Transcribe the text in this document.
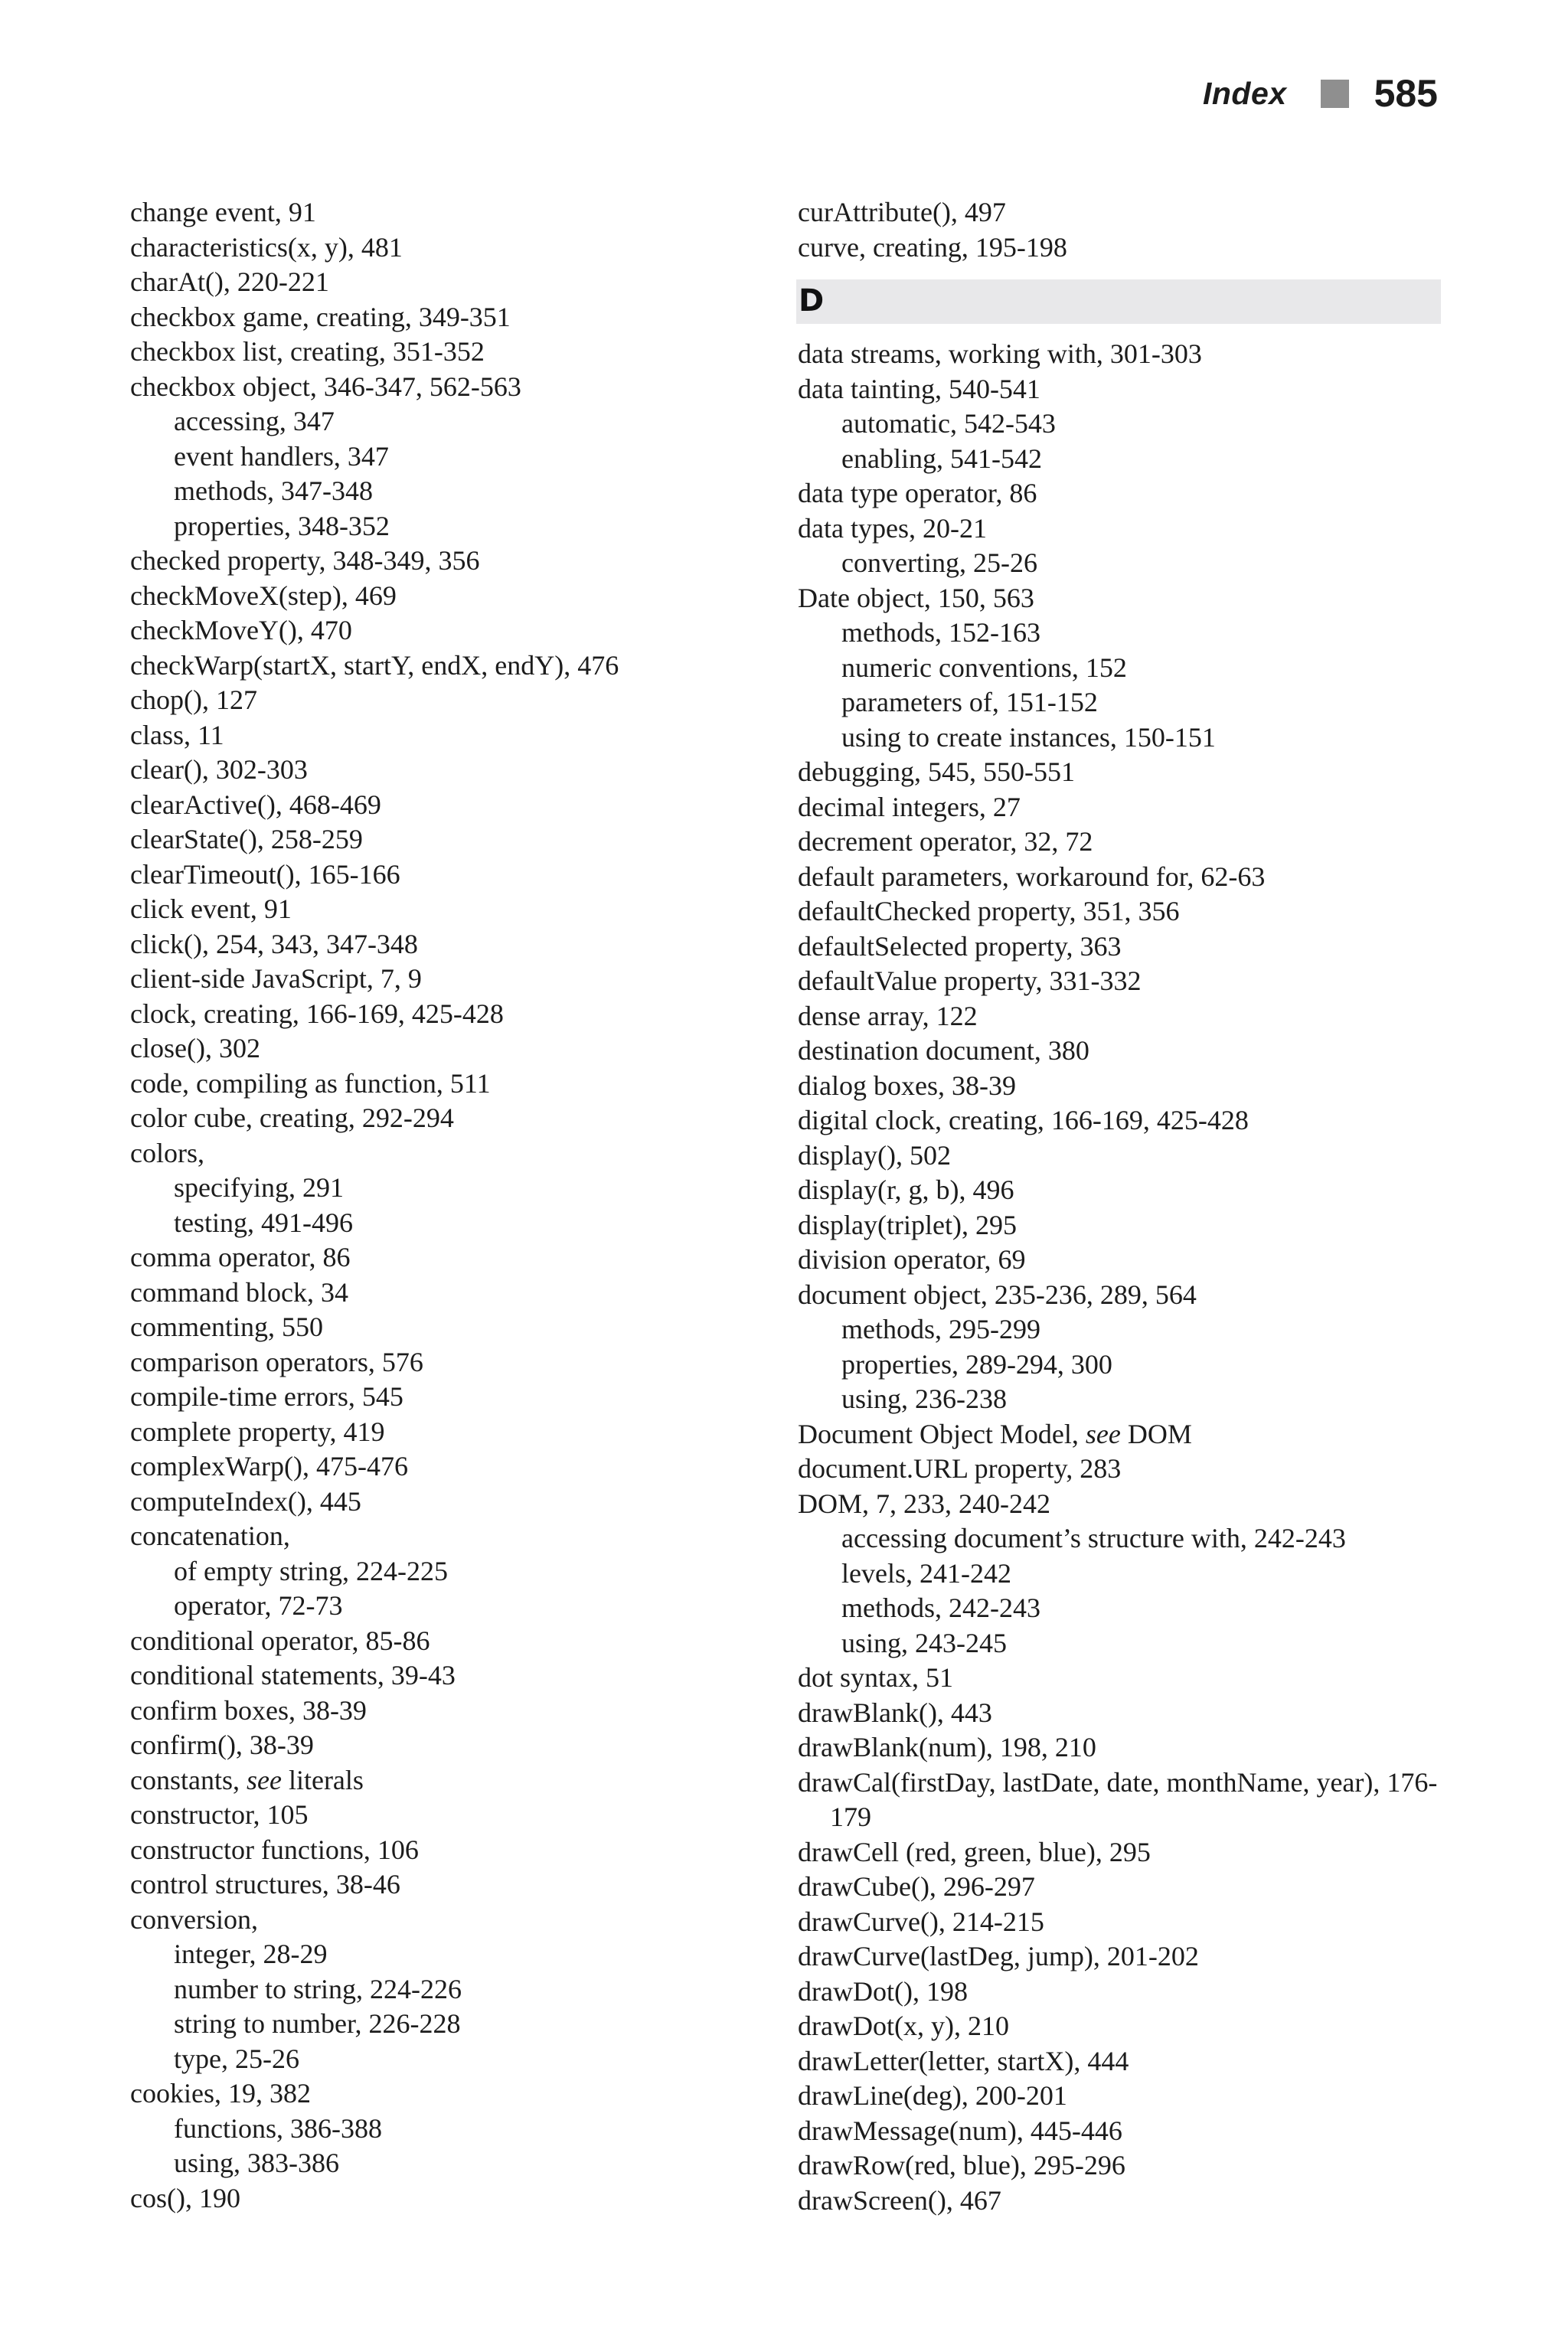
Index 585
change event, 91
characteristics(x, y), 481
charAt(), 220-221
checkbox game, creating, 349-351
checkbox list, creating, 351-352
checkbox object, 346-347, 562-563
accessing, 347
event handlers, 347
methods, 347-348
properties, 348-352
checked property, 348-349, 356
checkMoveX(step), 469
checkMoveY(), 470
checkWarp(startX, startY, endX, endY), 476
chop(), 127
class, 11
clear(), 302-303
clearActive(), 468-469
clearState(), 258-259
clearTimeout(), 165-166
click event, 91
click(), 254, 343, 347-348
client-side JavaScript, 7, 9
clock, creating, 166-169, 425-428
close(), 302
code, compiling as function, 511
color cube, creating, 292-294
colors,
specifying, 291
testing, 491-496
comma operator, 86
command block, 34
commenting, 550
comparison operators, 576
compile-time errors, 545
complete property, 419
complexWarp(), 475-476
computeIndex(), 445
concatenation,
of empty string, 224-225
operator, 72-73
conditional operator, 85-86
conditional statements, 39-43
confirm boxes, 38-39
confirm(), 38-39
constants, see literals
constructor, 105
constructor functions, 106
control structures, 38-46
conversion,
integer, 28-29
number to string, 224-226
string to number, 226-228
type, 25-26
cookies, 19, 382
functions, 386-388
using, 383-386
cos(), 190
curAttribute(), 497
curve, creating, 195-198
D
data streams, working with, 301-303
data tainting, 540-541
automatic, 542-543
enabling, 541-542
data type operator, 86
data types, 20-21
converting, 25-26
Date object, 150, 563
methods, 152-163
numeric conventions, 152
parameters of, 151-152
using to create instances, 150-151
debugging, 545, 550-551
decimal integers, 27
decrement operator, 32, 72
default parameters, workaround for, 62-63
defaultChecked property, 351, 356
defaultSelected property, 363
defaultValue property, 331-332
dense array, 122
destination document, 380
dialog boxes, 38-39
digital clock, creating, 166-169, 425-428
display(), 502
display(r, g, b), 496
display(triplet), 295
division operator, 69
document object, 235-236, 289, 564
methods, 295-299
properties, 289-294, 300
using, 236-238
Document Object Model, see DOM
document.URL property, 283
DOM, 7, 233, 240-242
accessing document’s structure with, 242-243
levels, 241-242
methods, 242-243
using, 243-245
dot syntax, 51
drawBlank(), 443
drawBlank(num), 198, 210
drawCal(firstDay, lastDate, date, monthName, year), 176-179
drawCell (red, green, blue), 295
drawCube(), 296-297
drawCurve(), 214-215
drawCurve(lastDeg, jump), 201-202
drawDot(), 198
drawDot(x, y), 210
drawLetter(letter, startX), 444
drawLine(deg), 200-201
drawMessage(num), 445-446
drawRow(red, blue), 295-296
drawScreen(), 467
